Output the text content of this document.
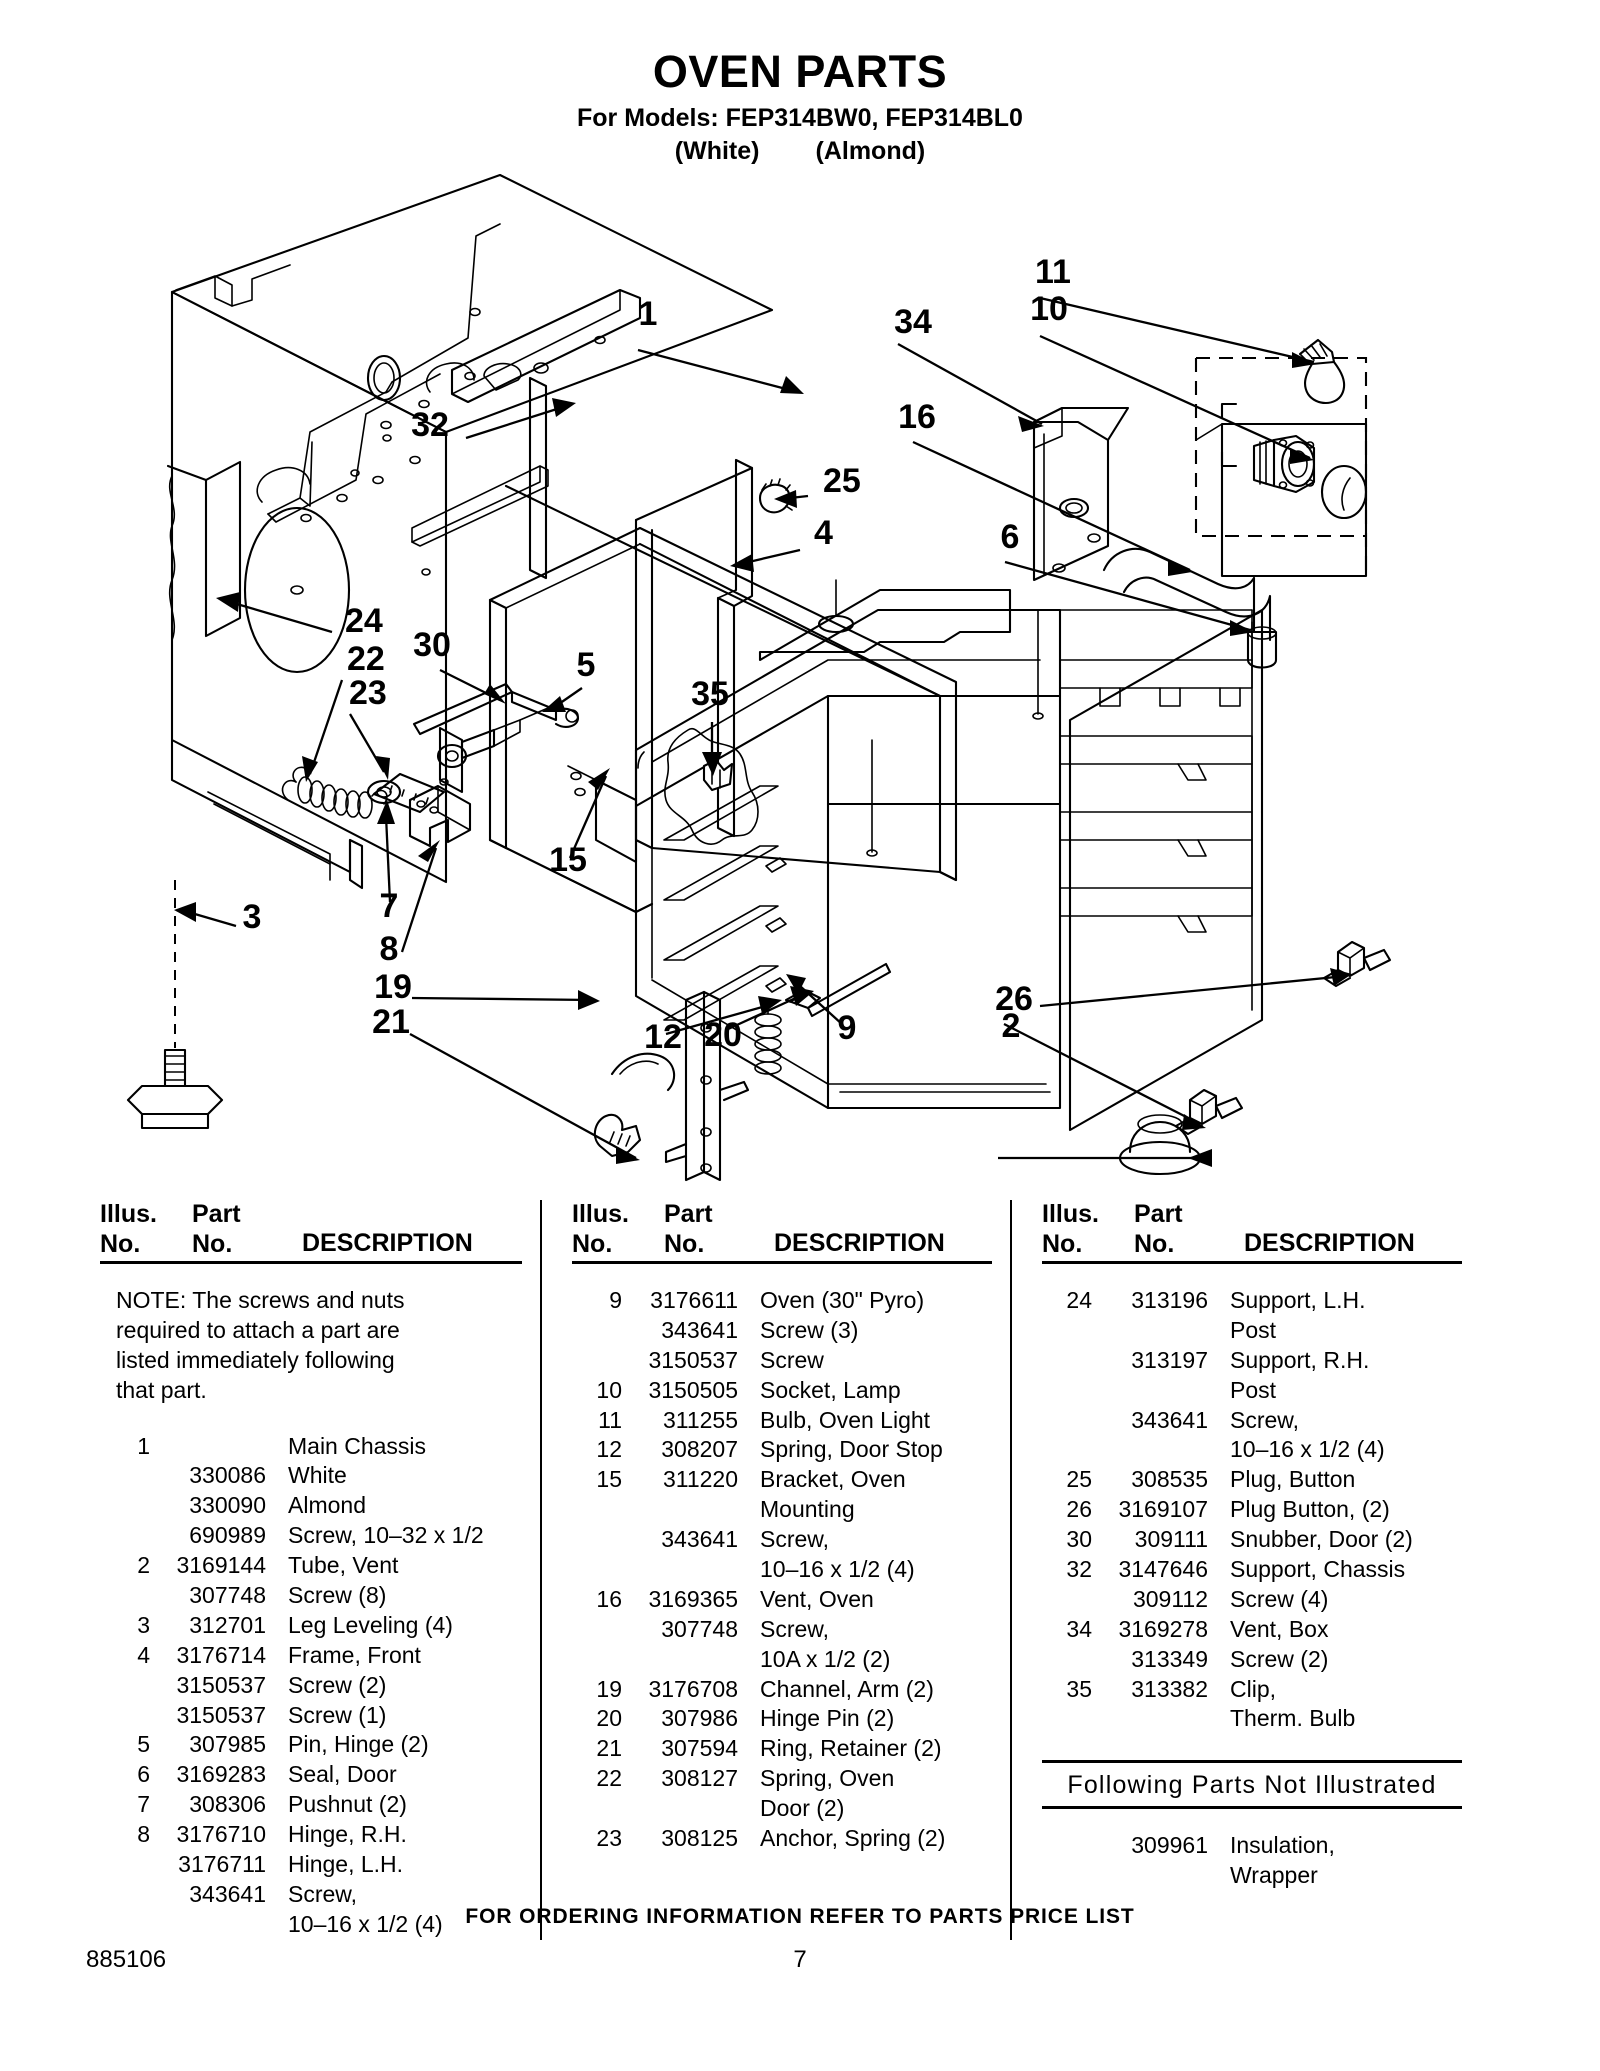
OVEN PARTS
For Models: FEP314BW0, FEP314BL0
(White) (Almond)
1
32
34
11
10
16
25
4	6
24
22
23
30
5
35
15
3	7
8
19
21	12 20	9	2
26
Illus.
No.
Part
No.	DESCRIPTION
NOTE: The screws and nuts required to attach a part are listed immediately following that part.
1	Main Chassis
330086 White
330090 Almond
690989 Screw, 10–32 x 1/2
2	3169144 Tube, Vent
307748 Screw (8)
3	312701 Leg Leveling (4)
4	3176714 Frame, Front
3150537 Screw (2)
3150537 Screw (1)
5	307985 Pin, Hinge (2)
6	3169283 Seal, Door
7	308306 Pushnut (2)
8	3176710 Hinge, R.H.
3176711 Hinge, L.H.
343641 Screw,
10–16 x 1/2 (4)
Illus.
No.
Part
No.	DESCRIPTION
9	3176611 Oven (30" Pyro)
343641 Screw (3)
3150537 Screw
10	3150505 Socket, Lamp
11	311255 Bulb, Oven Light
12	308207 Spring, Door Stop
15	311220 Bracket, Oven
Mounting
343641 Screw,
10–16 x 1/2 (4)
16	3169365 Vent, Oven
307748 Screw,
10A x 1/2 (2)
19	3176708 Channel, Arm (2)
20	307986 Hinge Pin (2)
21	307594 Ring, Retainer (2)
22	308127 Spring, Oven
Door (2)
23	308125 Anchor, Spring (2)
Illus.
No.
Part
No.	DESCRIPTION
24	313196 Support, L.H.
Post
313197 Support, R.H.
Post
343641 Screw,
10–16 x 1/2 (4)
25	308535 Plug, Button
26	3169107 Plug Button, (2)
30	309111 Snubber, Door (2)
32	3147646 Support, Chassis
309112 Screw (4)
34	3169278 Vent, Box
313349 Screw (2)
35	313382 Clip,
Therm. Bulb
Following Parts Not Illustrated
309961 Insulation,
Wrapper
FOR ORDERING INFORMATION REFER TO PARTS PRICE LIST
885106	7
